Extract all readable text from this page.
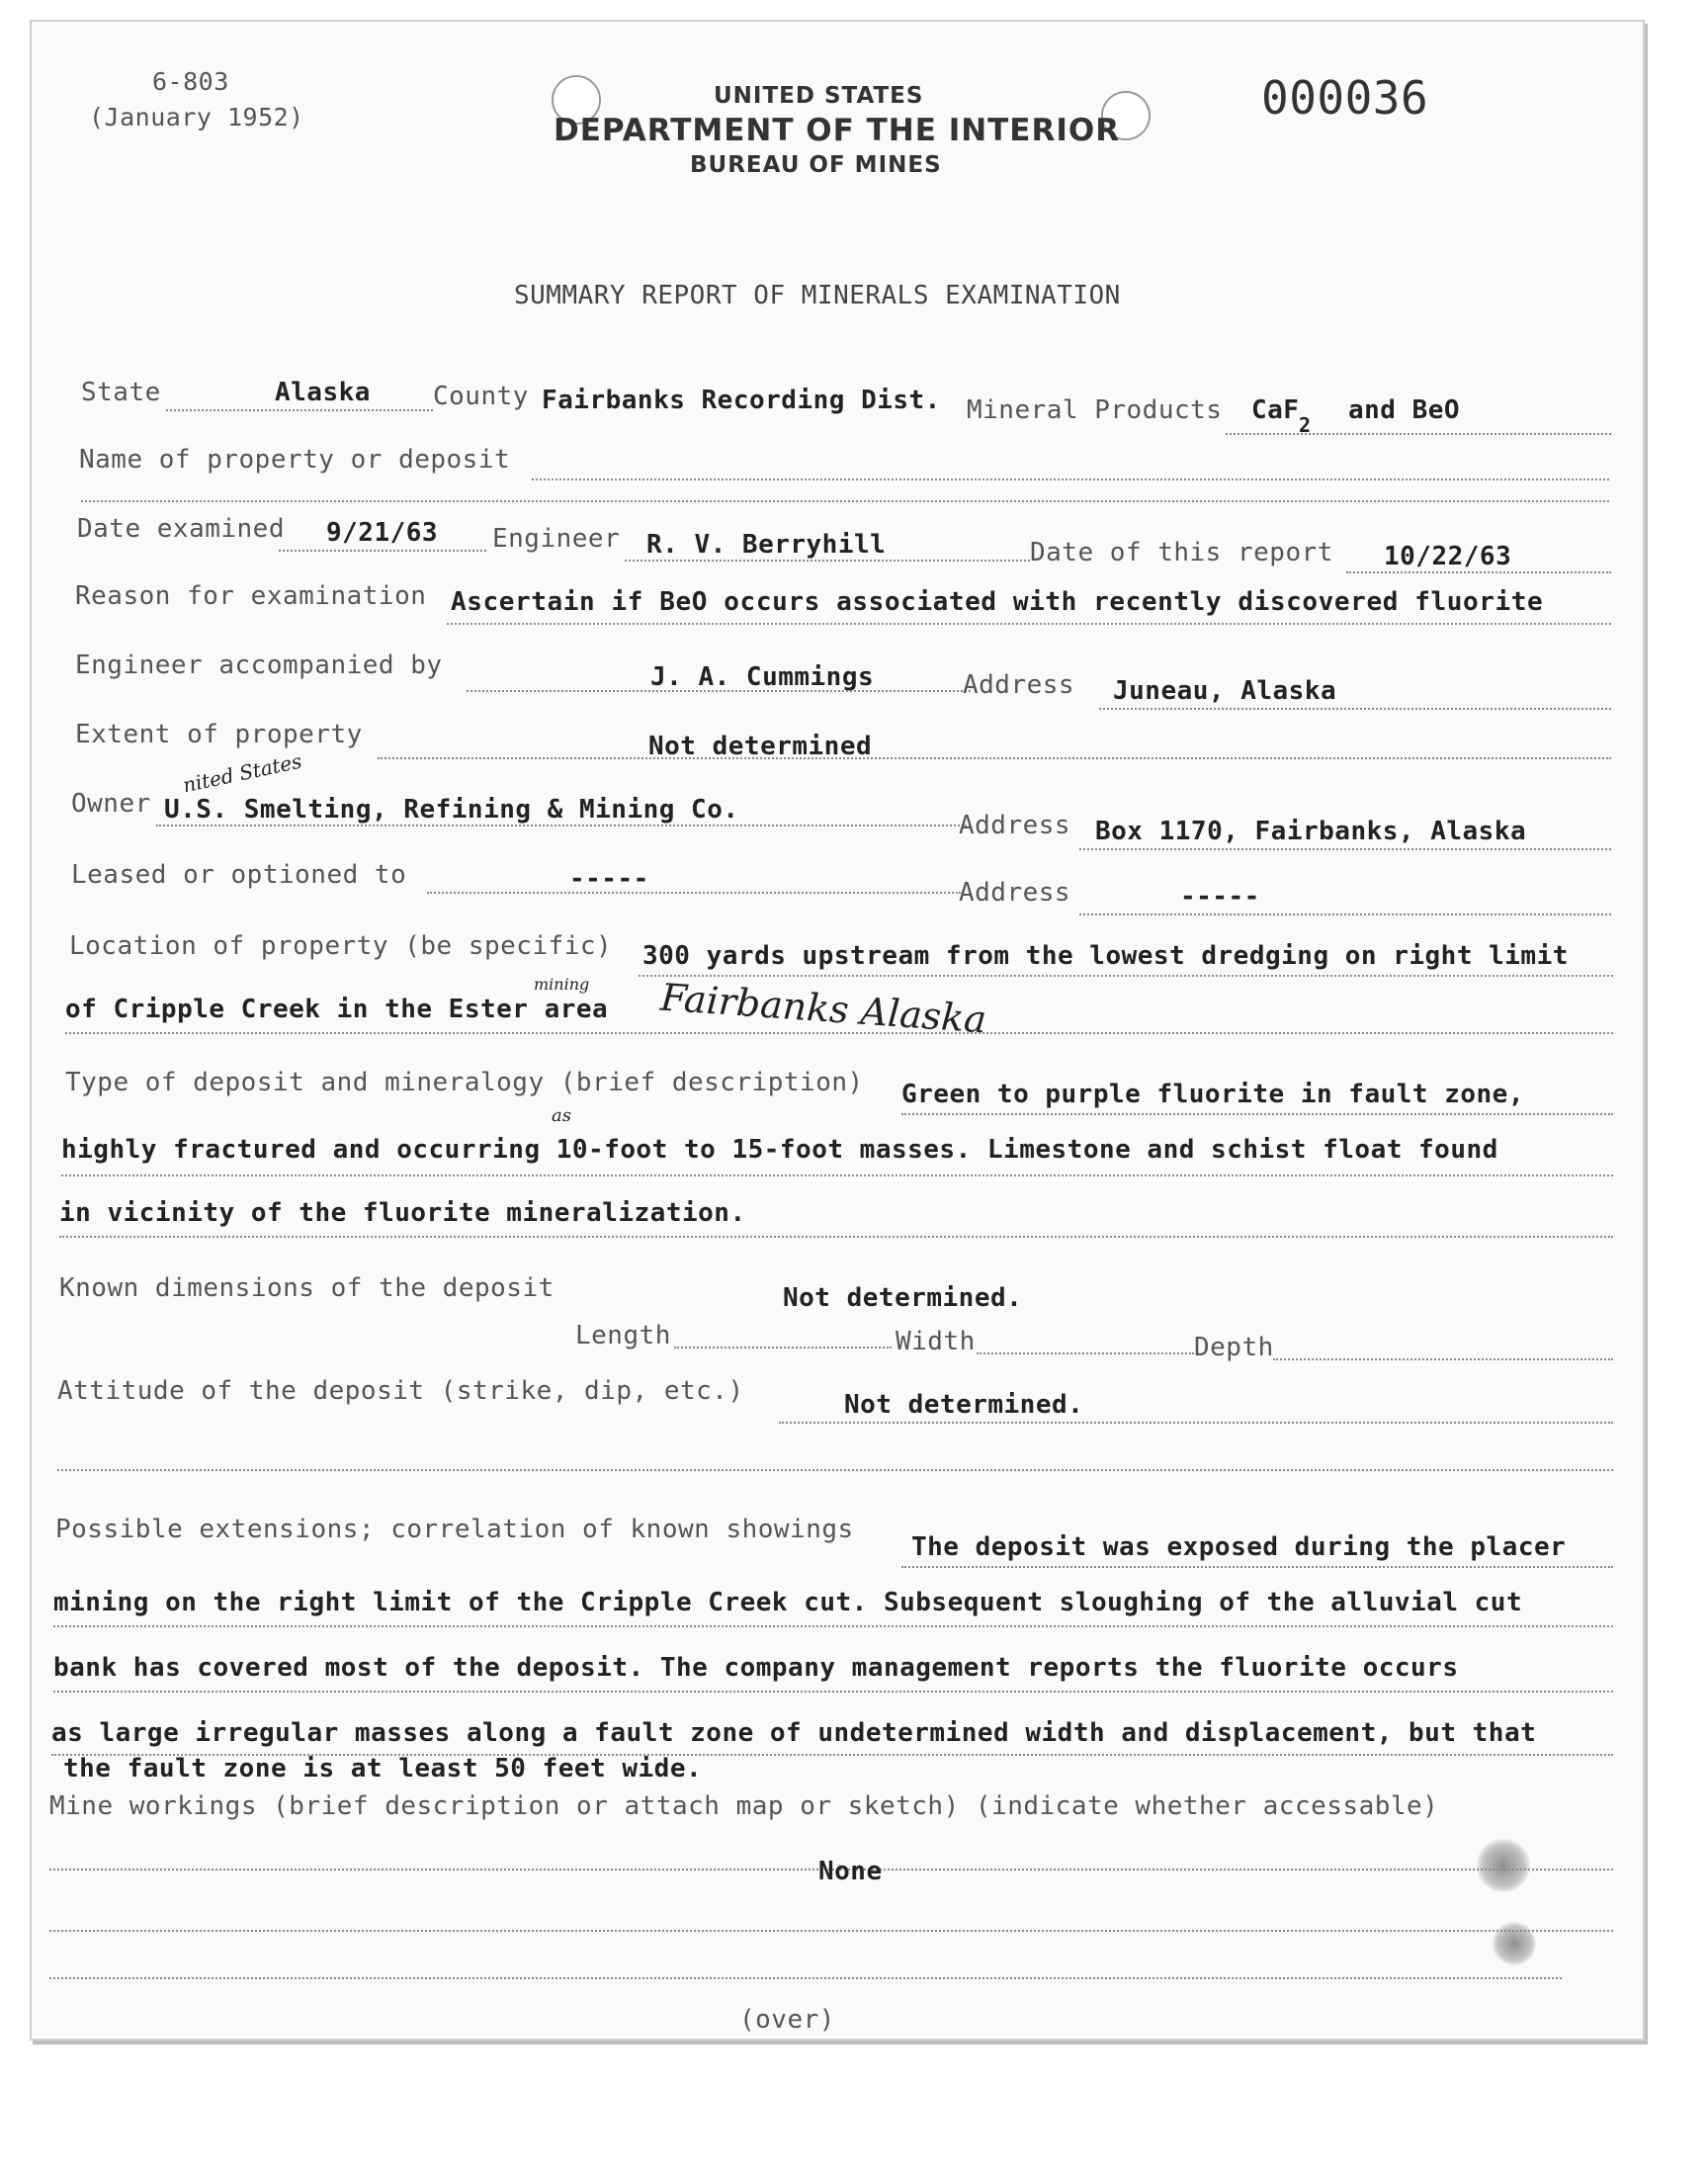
6-803
(January 1952)	000036
UNITED STATES
DEPARTMENT OF THE INTERIOR
BUREAU OF MINES
SUMMARY REPORT OF MINERALS EXAMINATION
State	Alaska County Fairbanks Recording Dist. Mineral Products CaF 2 and BeO
Name of property or deposit
Date examined 9/21/63 Engineer R. V. Berryhill	Date of this report 10/22/63
Reason for examination Ascertain if BeO occurs associated with recently discovered fluorite
Engineer accompanied by	J. A. Cummings	Address Juneau, Alaska
Extent of property	Not determined
nited States
Owner U.S. Smelting, Refining & Mining Co.
Address Box 1170, Fairbanks, Alaska
Leased or optioned to	-----	Address	-----
Location of property (be specific) 300 yards upstream from the lowest dredging on right limit
mining
of Cripple Creek in the Ester area Fairbanks Alaska
Type of deposit and mineralogy (brief description) Green to purple fluorite in fault zone,
as
highly fractured and occurring 10-foot to 15-foot masses. Limestone and schist float found
in vicinity of the fluorite mineralization.
Known dimensions of the deposit	Not determined.
Length	Width	Depth
Attitude of the deposit (strike, dip, etc.)	Not determined.
Possible extensions; correlation of known showings
The deposit was exposed during the placer
mining on the right limit of the Cripple Creek cut. Subsequent sloughing of the alluvial cut
bank has covered most of the deposit. The company management reports the fluorite occurs
as large irregular masses along a fault zone of undetermined width and displacement, but that
the fault zone is at least 50 feet wide.
Mine workings (brief description or attach map or sketch) (indicate whether accessable)
None
(over)
